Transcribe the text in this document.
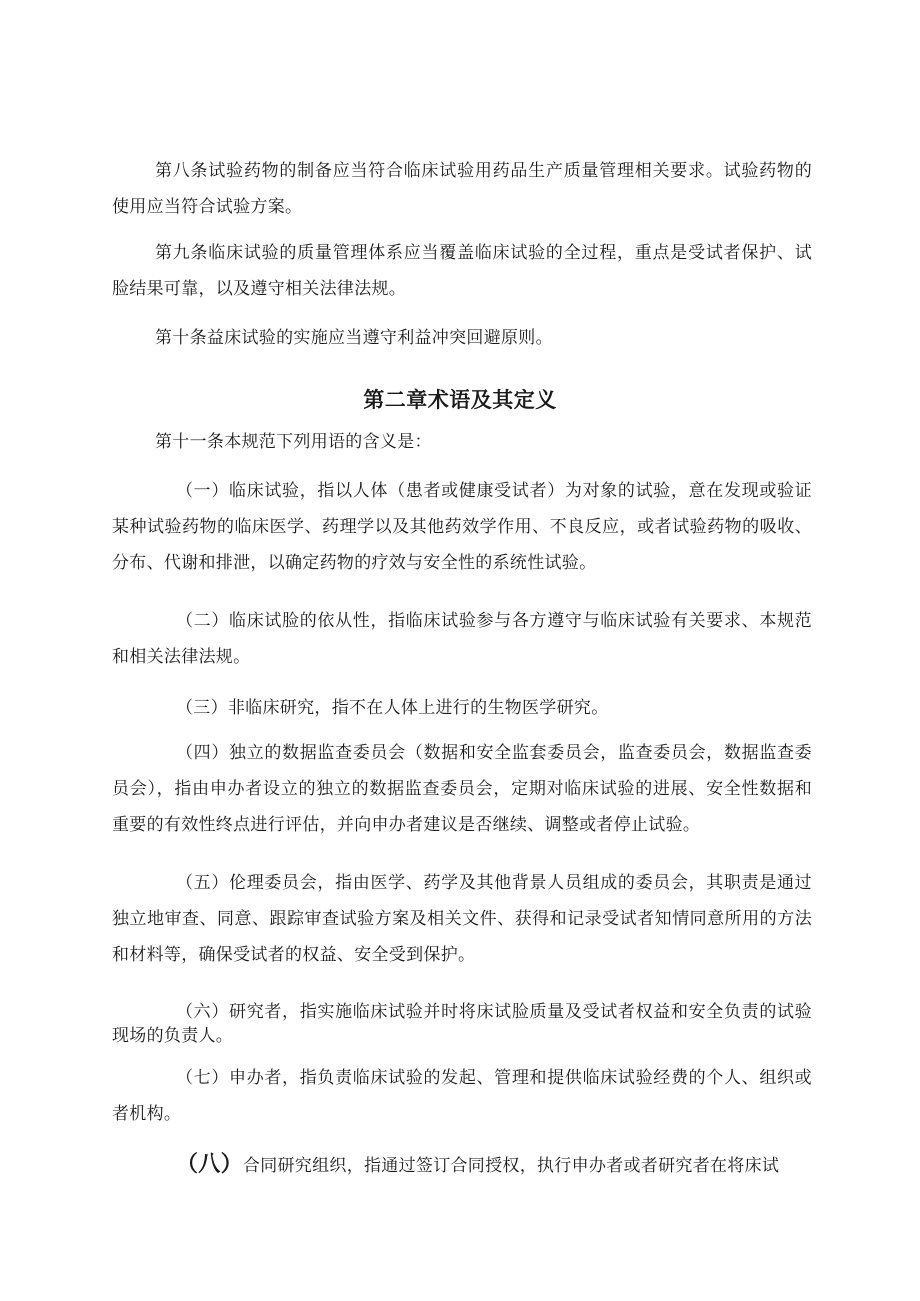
第八条试验药物的制备应当符合临床试验用药品生产质量管理相关要求。试验药物的使用应当符合试验方案。

第九条临床试验的质量管理体系应当覆盖临床试验的全过程，重点是受试者保护、试脸结果可靠，以及遵守相关法律法规。

第十条益床试验的实施应当遵守利益冲突回避原则。

第二章术语及其定义

第十一条本规范下列用语的含义是：

（一）临床试验，指以人体（患者或健康受试者）为对象的试验，意在发现或验证某种试验药物的临床医学、药理学以及其他药效学作用、不良反应，或者试验药物的吸收、分布、代谢和排泄，以确定药物的疗效与安全性的系统性试验。

（二）临床试脸的依从性，指临床试验参与各方遵守与临床试验有关要求、本规范和相关法律法规。

（三）非临床研究，指不在人体上进行的生物医学研究。

（四）独立的数据监查委员会（数据和安全监套委员会，监查委员会，数据监查委员会），指由申办者设立的独立的数据监查委员会，定期对临床试验的进展、安全性数据和重要的有效性终点进行评估，并向申办者建议是否继续、调整或者停止试验。

（五）伦理委员会，指由医学、药学及其他背景人员组成的委员会，其职责是通过独立地审查、同意、跟踪审查试验方案及相关文件、获得和记录受试者知情同意所用的方法和材料等，确保受试者的权益、安全受到保护。

（六）研究者，指实施临床试验并时将床试脸质量及受试者权益和安全负责的试验现场的负责人。

（七）申办者，指负责临床试验的发起、管理和提供临床试验经费的个人、组织或者机构。

（八）合同研究组织，指通过签订合同授权，执行申办者或者研究者在将床试
